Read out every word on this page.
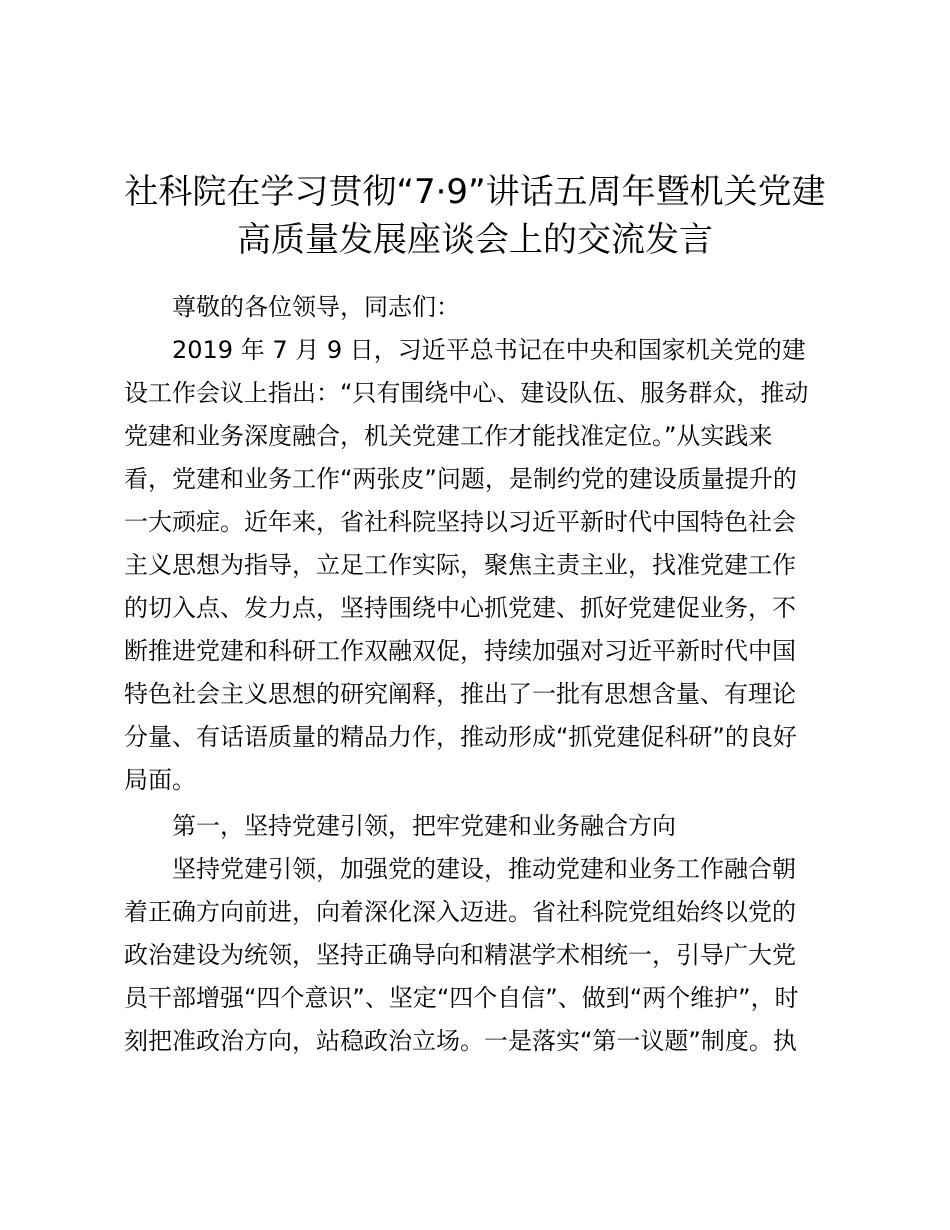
社科院在学习贯彻“7·9”讲话五周年暨机关党建
高质量发展座谈会上的交流发言
尊敬的各位领导，同志们：
2019 年 7 月 9 日，习近平总书记在中央和国家机关党的建
设工作会议上指出：“只有围绕中心、建设队伍、服务群众，推动
党建和业务深度融合，机关党建工作才能找准定位。”从实践来
看，党建和业务工作“两张皮”问题，是制约党的建设质量提升的
一大顽症。近年来，省社科院坚持以习近平新时代中国特色社会
主义思想为指导，立足工作实际，聚焦主责主业，找准党建工作
的切入点、发力点，坚持围绕中心抓党建、抓好党建促业务，不
断推进党建和科研工作双融双促，持续加强对习近平新时代中国
特色社会主义思想的研究阐释，推出了一批有思想含量、有理论
分量、有话语质量的精品力作，推动形成“抓党建促科研”的良好
局面。
第一，坚持党建引领，把牢党建和业务融合方向
坚持党建引领，加强党的建设，推动党建和业务工作融合朝
着正确方向前进，向着深化深入迈进。省社科院党组始终以党的
政治建设为统领，坚持正确导向和精湛学术相统一，引导广大党
员干部增强“四个意识”、坚定“四个自信”、做到“两个维护”，时
刻把准政治方向，站稳政治立场。一是落实“第一议题”制度。执
